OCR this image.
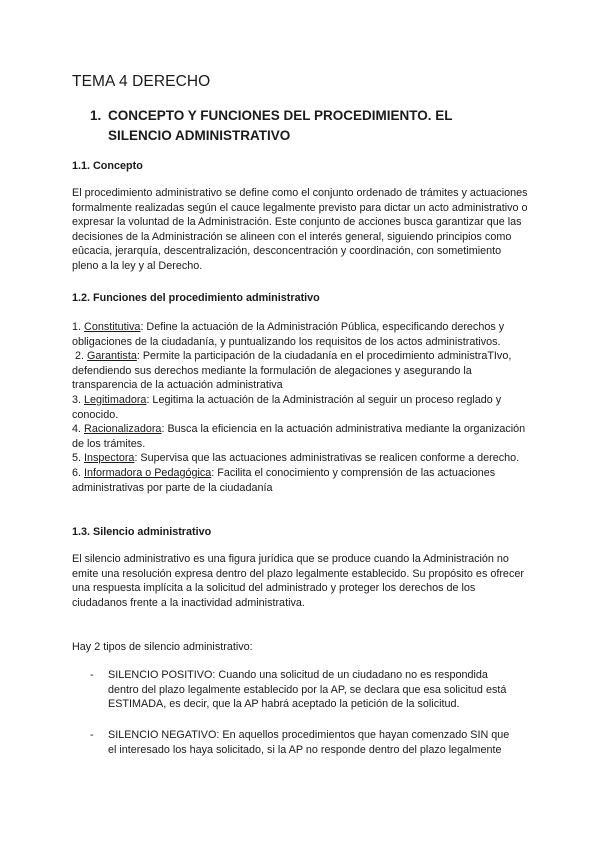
TEMA 4 DERECHO
1. CONCEPTO Y FUNCIONES DEL PROCEDIMIENTO. EL SILENCIO ADMINISTRATIVO
1.1. Concepto

El procedimiento administrativo se define como el conjunto ordenado de trámites y actuaciones formalmente realizadas según el cauce legalmente previsto para dictar un acto administrativo o expresar la voluntad de la Administración. Este conjunto de acciones busca garantizar que las decisiones de la Administración se alineen con el interés general, siguiendo principios como eûcacia, jerarquía, descentralización, desconcentración y coordinación, con sometimiento pleno a la ley y al Derecho.

1.2. Funciones del procedimiento administrativo
1. Constitutiva: Define la actuación de la Administración Pública, especificando derechos y obligaciones de la ciudadanía, y puntualizando los requisitos de los actos administrativos.
2. Garantista: Permite la participación de la ciudadanía en el procedimiento administraTIvo, defendiendo sus derechos mediante la formulación de alegaciones y asegurando la transparencia de la actuación administrativa
3. Legitimadora: Legitima la actuación de la Administración al seguir un proceso reglado y conocido.
4. Racionalizadora: Busca la eficiencia en la actuación administrativa mediante la organización de los trámites.
5. Inspectora: Supervisa que las actuaciones administrativas se realicen conforme a derecho.
6. Informadora o Pedagógica: Facilita el conocimiento y comprensión de las actuaciones administrativas por parte de la ciudadanía
1.3. Silencio administrativo

El silencio administrativo es una figura jurídica que se produce cuando la Administración no emite una resolución expresa dentro del plazo legalmente establecido. Su propósito es ofrecer una respuesta implícita a la solicitud del administrado y proteger los derechos de los ciudadanos frente a la inactividad administrativa.

Hay 2 tipos de silencio administrativo:

-	SILENCIO POSITIVO: Cuando una solicitud de un ciudadano no es respondida dentro del plazo legalmente establecido por la AP, se declara que esa solicitud está ESTIMADA, es decir, que la AP habrá aceptado la petición de la solicitud.
-	SILENCIO NEGATIVO: En aquellos procedimientos que hayan comenzado SIN que el interesado los haya solicitado, si la AP no responde dentro del plazo legalmente
